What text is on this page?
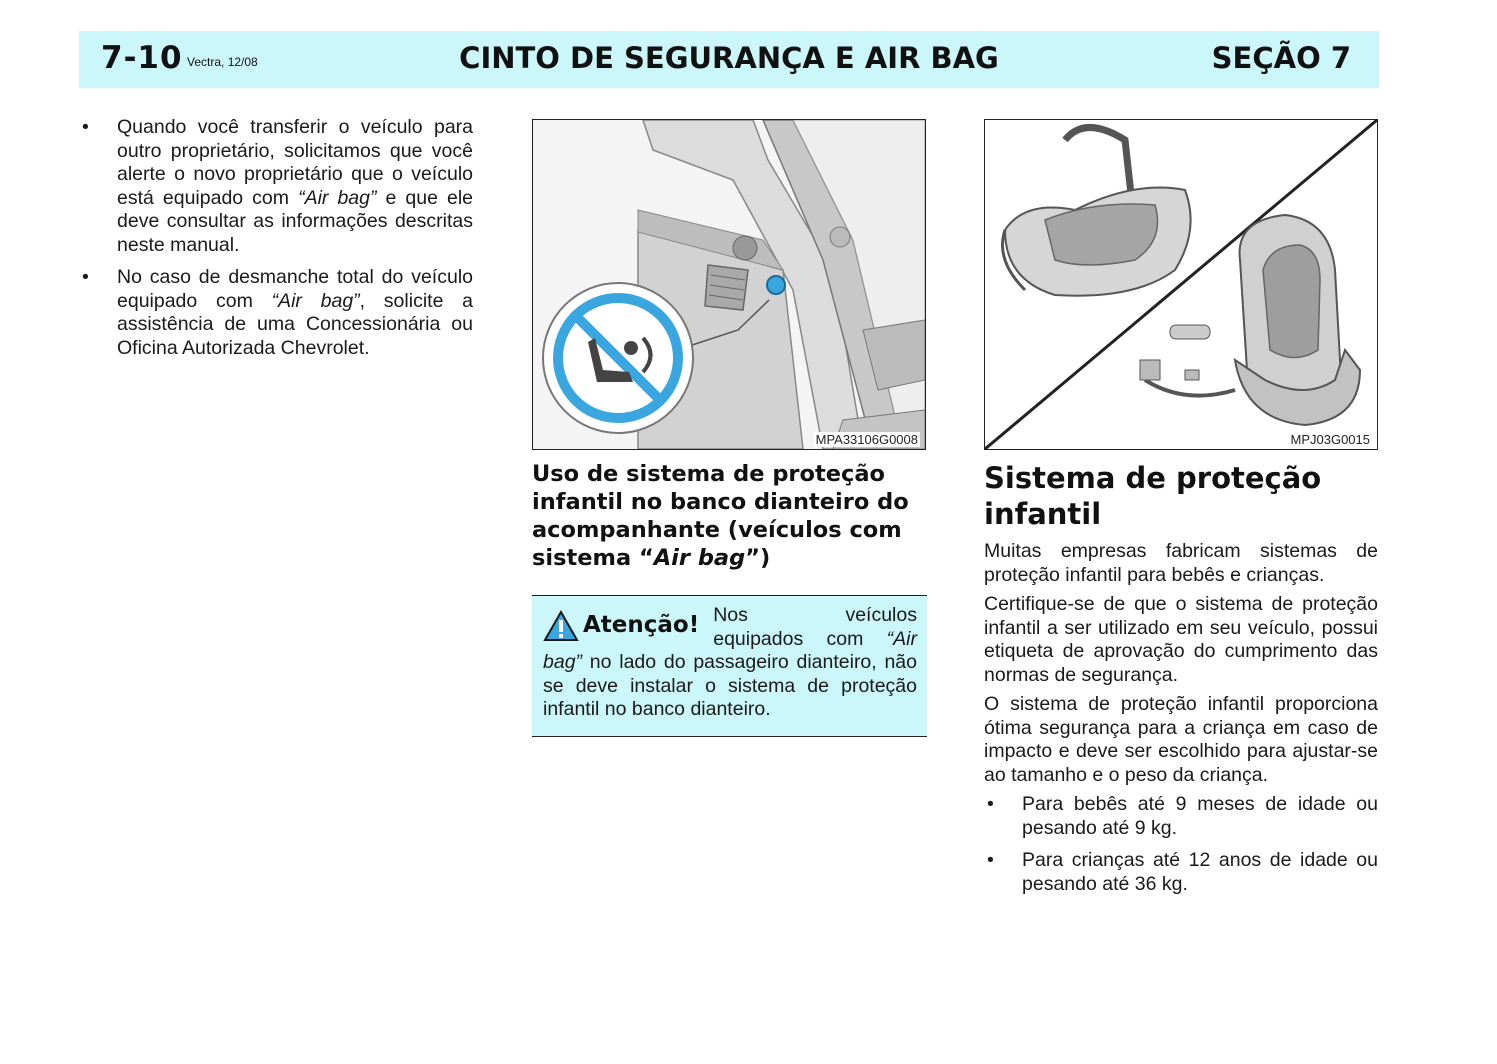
7-10 Vectra, 12/08	CINTO DE SEGURANÇA E AIR BAG	SEÇÃO 7
• Quando você transferir o veículo para outro proprietário, solicitamos que você alerte o novo proprietário que o veículo está equipado com “Air bag” e que ele deve consultar as informações descritas neste manual.
• No caso de desmanche total do veículo equipado com “Air bag”, solicite a assistência de uma Concessionária ou Oficina Autorizada Chevrolet.
MPA33106G0008
Uso de sistema de proteção infantil no banco dianteiro do acompanhante (veículos com sistema “Air bag”)
Atenção! Nos veículos equipados com “Air bag” no lado do passageiro dianteiro, não se deve instalar o sistema de proteção infantil no banco dianteiro.
MPJ03G0015
Sistema de proteção infantil

Muitas empresas fabricam sistemas de proteção infantil para bebês e crianças.

Certifique-se de que o sistema de proteção infantil a ser utilizado em seu veículo, possui etiqueta de aprovação do cumprimento das normas de segurança.

O sistema de proteção infantil proporciona ótima segurança para a criança em caso de impacto e deve ser escolhido para ajustar-se ao tamanho e o peso da criança.

• Para bebês até 9 meses de idade ou pesando até 9 kg.
• Para crianças até 12 anos de idade ou pesando até 36 kg.
